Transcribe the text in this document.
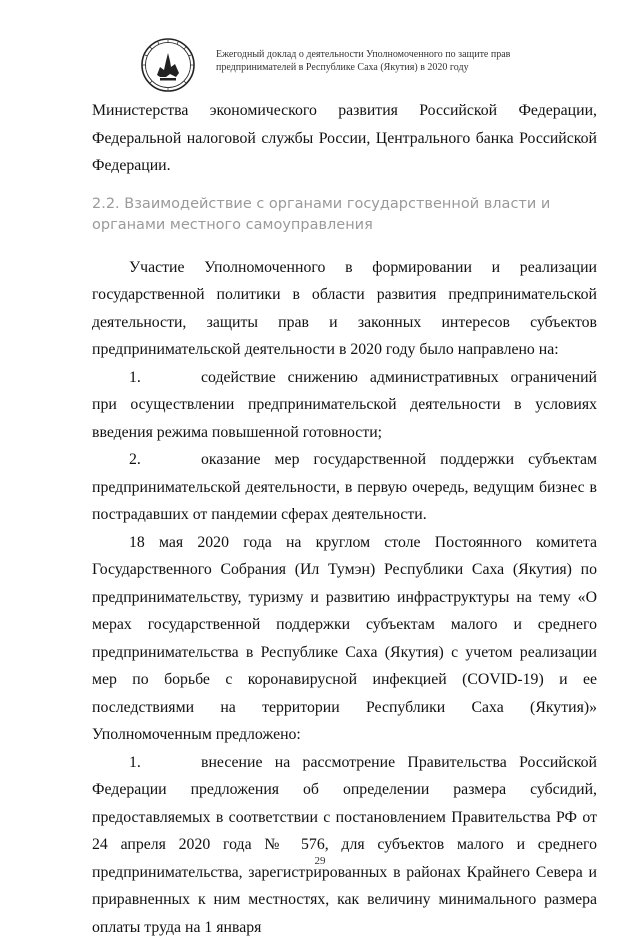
Ежегодный доклад о деятельности Уполномоченного по защите прав
предпринимателей в Республике Саха (Якутия) в 2020 году

Министерства экономического развития Российской Федерации,

Федеральной налоговой службы России, Центрального банка Российской Федерации.

2.2. Взаимодействие с органами государственной власти и органами местного самоуправления

Участие Уполномоченного в формировании и реализации государственной политики в области развития предпринимательской деятельности, защиты прав и законных интересов субъектов предпринимательской деятельности в 2020 году было направлено на:

1.	содействие снижению административных ограничений при осуществлении предпринимательской деятельности в условиях введения режима повышенной готовности;

2.	оказание мер государственной поддержки субъектам предпринимательской деятельности, в первую очередь, ведущим бизнес в пострадавших от пандемии сферах деятельности.

18 мая 2020 года на круглом столе Постоянного комитета Государственного Собрания (Ил Тумэн) Республики Саха (Якутия) по предпринимательству, туризму и развитию инфраструктуры на тему «О мерах государственной поддержки субъектам малого и среднего предпринимательства в Республике Саха (Якутия) с учетом реализации мер по борьбе с коронавирусной инфекцией (COVID-19) и ее последствиями на территории Республики Саха (Якутия)» Уполномоченным предложено:

1.	внесение на рассмотрение Правительства Российской Федерации предложения об определении размера субсидий, предоставляемых в соответствии с постановлением Правительства РФ от 24 апреля 2020 года № 576, для субъектов малого и среднего предпринимательства, зарегистрированных в районах Крайнего Севера и приравненных к ним местностях, как величину минимального размера оплаты труда на 1 января

29
